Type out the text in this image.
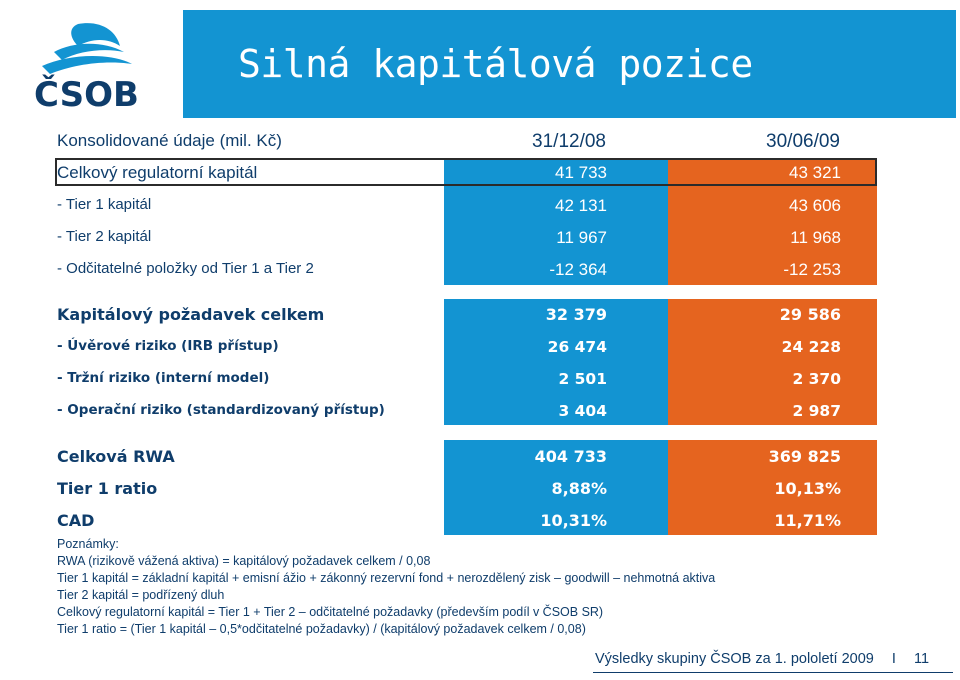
ČSOB
Silná kapitálová pozice
Konsolidované údaje (mil. Kč)	31/12/08	30/06/09
Celkový regulatorní kapitál	41 733	43 321
- Tier 1 kapitál	42 131	43 606
- Tier 2 kapitál	11 967	11 968
- Odčitatelné položky od Tier 1 a Tier 2	-12 364	-12 253
Kapitálový požadavek celkem	32 379	29 586
- Úvěrové riziko (IRB přístup)	26 474	24 228
- Tržní riziko (interní model)	2 501	2 370
- Operační riziko (standardizovaný přístup)	3 404	2 987
Celková RWA	404 733	369 825
Tier 1 ratio	8,88%	10,13%
CAD	10,31%	11,71%
Poznámky:
RWA (rizikově vážená aktiva) = kapitálový požadavek celkem / 0,08
Tier 1 kapitál = základní kapitál + emisní ážio + zákonný rezervní fond + nerozdělený zisk – goodwill – nehmotná aktiva
Tier 2 kapitál = podřízený dluh
Celkový regulatorní kapitál = Tier 1 + Tier 2 – odčitatelné požadavky (především podíl v ČSOB SR)
Tier 1 ratio = (Tier 1 kapitál – 0,5*odčitatelné požadavky) / (kapitálový požadavek celkem / 0,08)
Výsledky skupiny ČSOB za 1. pololetí 2009 I 11
